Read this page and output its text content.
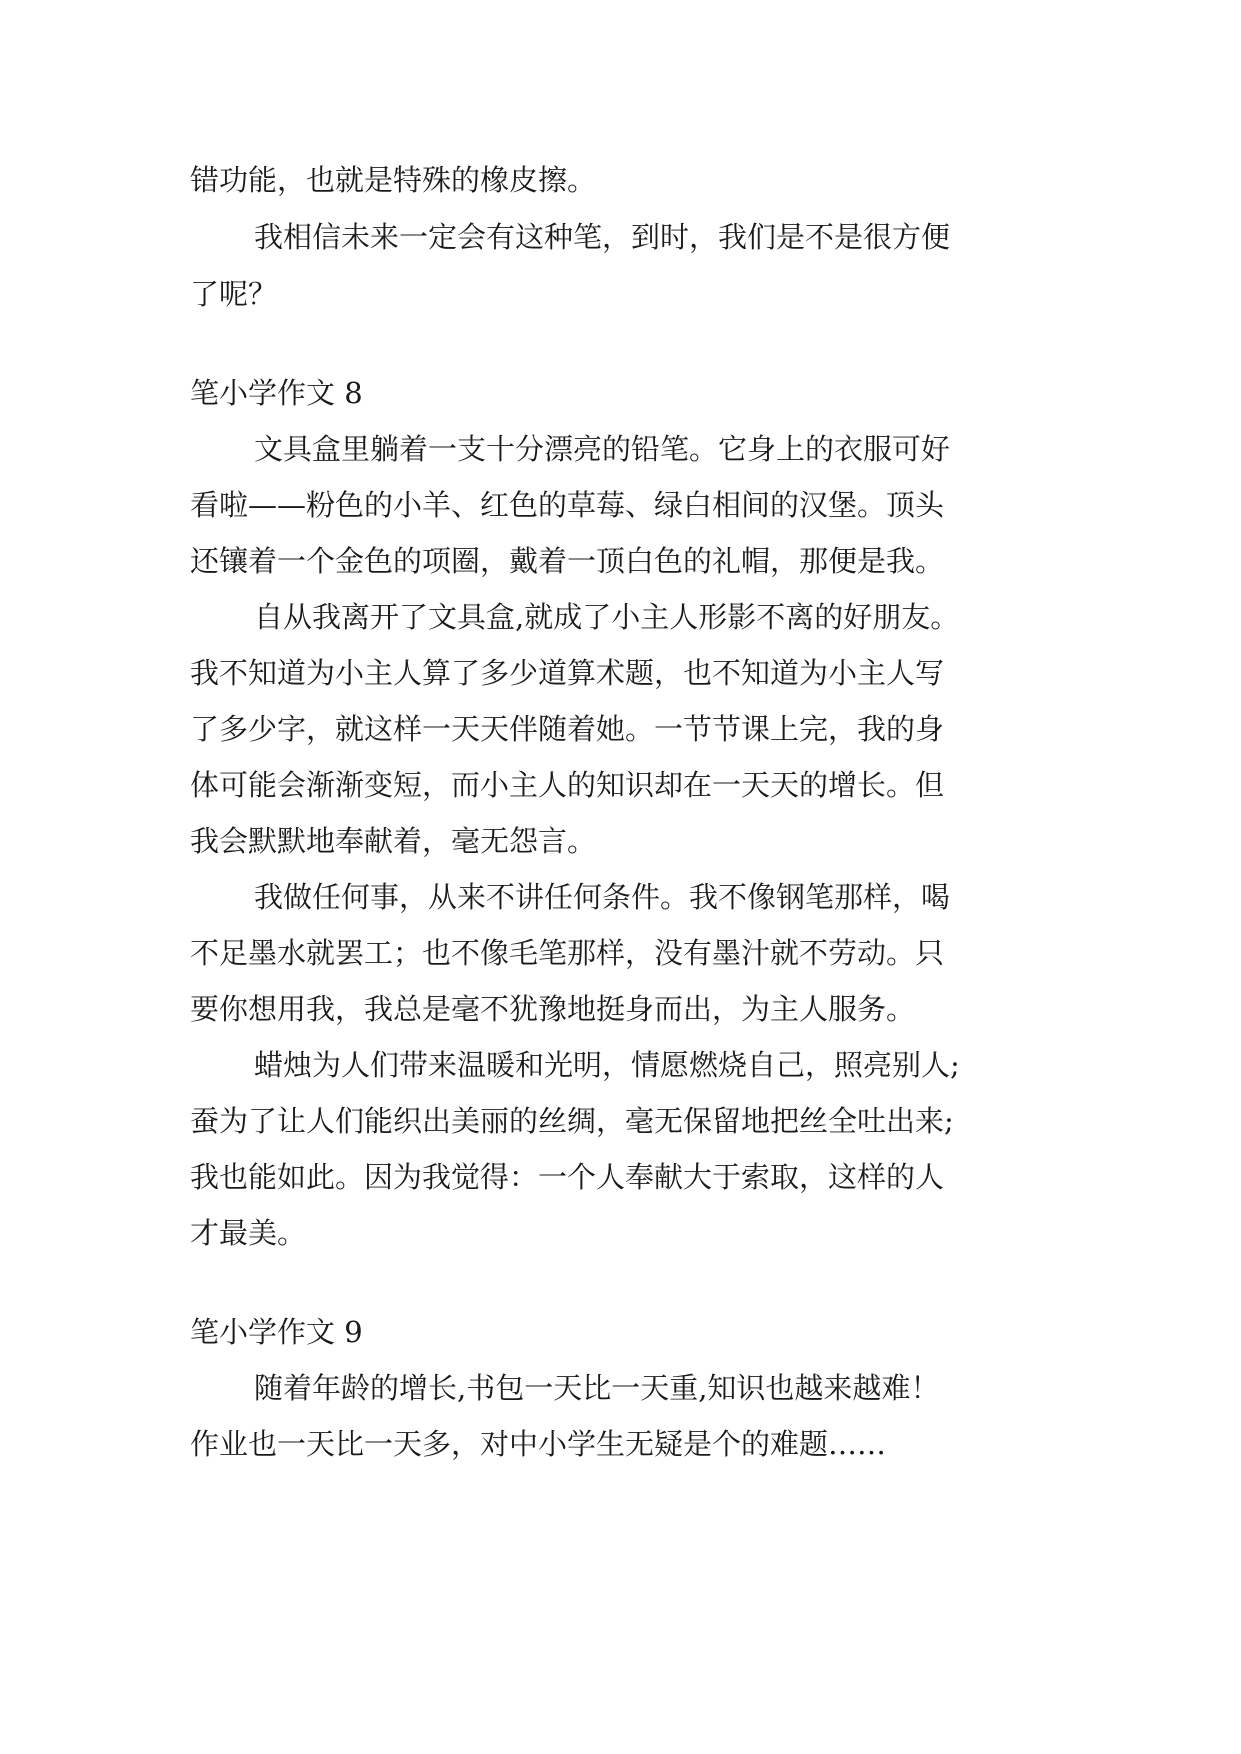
错功能，也就是特殊的橡皮擦。
我相信未来一定会有这种笔，到时，我们是不是很方便
了呢？
笔小学作文 8
文具盒里躺着一支十分漂亮的铅笔。它身上的衣服可好
看啦——粉色的小羊、红色的草莓、绿白相间的汉堡。顶头
还镶着一个金色的项圈，戴着一顶白色的礼帽，那便是我。
自从我离开了文具盒,就成了小主人形影不离的好朋友。
我不知道为小主人算了多少道算术题，也不知道为小主人写
了多少字，就这样一天天伴随着她。一节节课上完，我的身
体可能会渐渐变短，而小主人的知识却在一天天的增长。但
我会默默地奉献着，毫无怨言。
我做任何事，从来不讲任何条件。我不像钢笔那样，喝
不足墨水就罢工；也不像毛笔那样，没有墨汁就不劳动。只
要你想用我，我总是毫不犹豫地挺身而出，为主人服务。
蜡烛为人们带来温暖和光明，情愿燃烧自己，照亮别人;
蚕为了让人们能织出美丽的丝绸，毫无保留地把丝全吐出来;
我也能如此。因为我觉得：一个人奉献大于索取，这样的人
才最美。
笔小学作文 9
随着年龄的增长,书包一天比一天重,知识也越来越难！
作业也一天比一天多，对中小学生无疑是个的难题……
